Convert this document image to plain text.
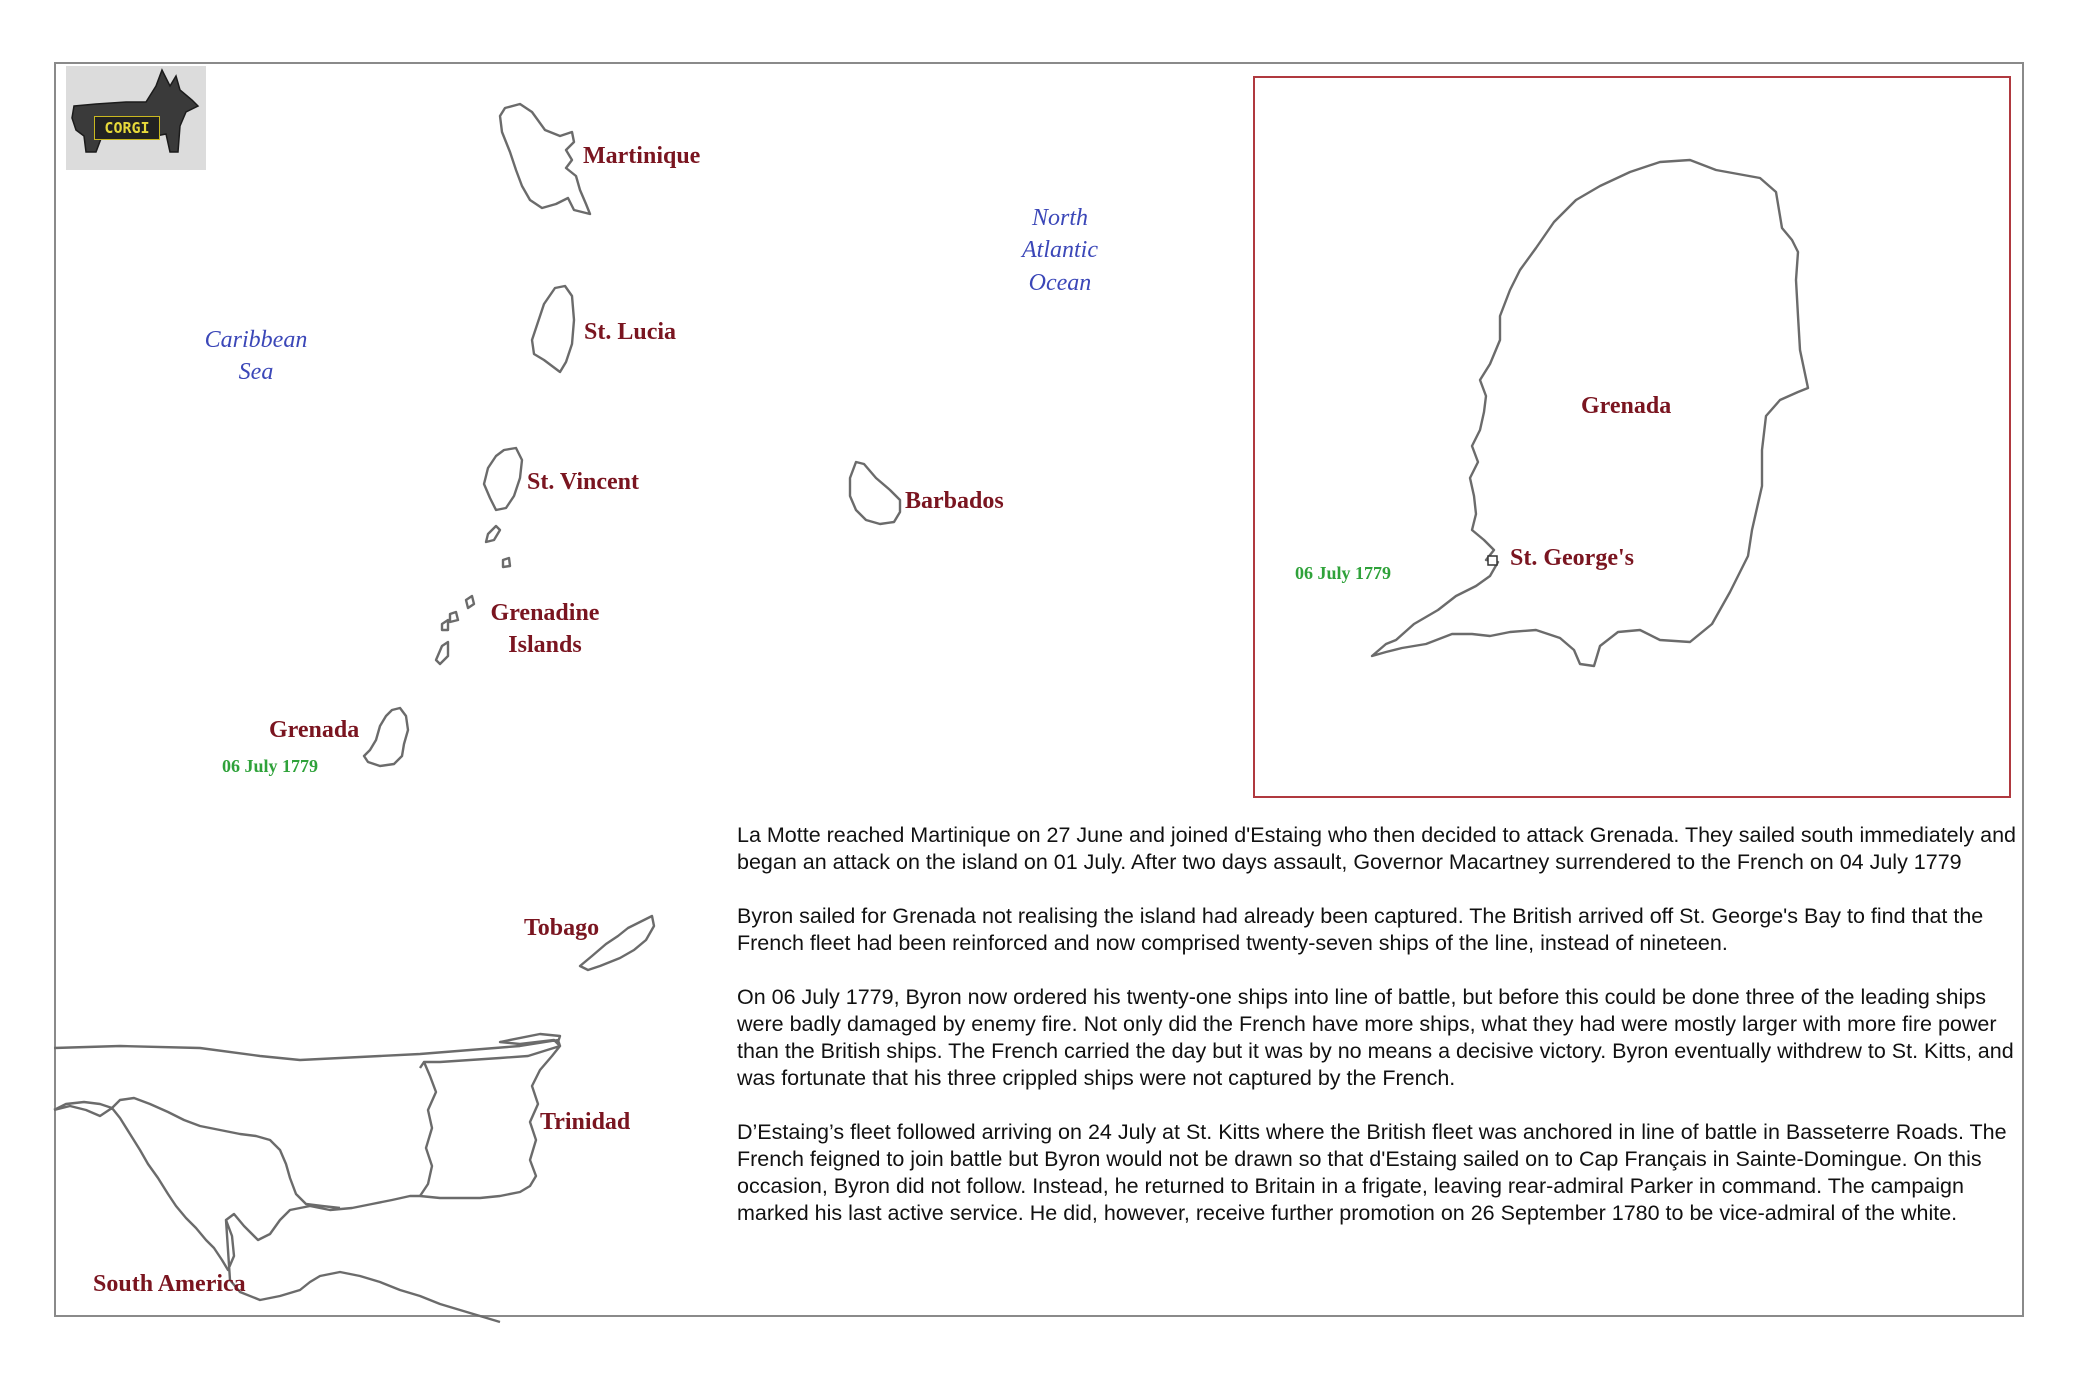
CORGI
Martinique
St. Lucia
St. Vincent
Barbados
Grenadine
Islands
Grenada
06 July 1779
Tobago
Trinidad
South America
Caribbean
Sea
North
Atlantic
Ocean
Grenada
St. George's
06 July 1779

La Motte reached Martinique on 27 June and joined d'Estaing who then decided to attack Grenada. They sailed south immediately and began an attack on the island on 01 July. After two days assault, Governor Macartney surrendered to the French on 04 July 1779

Byron sailed for Grenada not realising the island had already been captured. The British arrived off St. George's Bay to find that the French fleet had been reinforced and now comprised twenty-seven ships of the line, instead of nineteen.

On 06 July 1779, Byron now ordered his twenty-one ships into line of battle, but before this could be done three of the leading ships were badly damaged by enemy fire. Not only did the French have more ships, what they had were mostly larger with more fire power than the British ships. The French carried the day but it was by no means a decisive victory. Byron eventually withdrew to St. Kitts, and was fortunate that his three crippled ships were not captured by the French.

D’Estaing’s fleet followed arriving on 24 July at St. Kitts where the British fleet was anchored in line of battle in Basseterre Roads. The French feigned to join battle but Byron would not be drawn so that d'Estaing sailed on to Cap Français in Sainte-Domingue. On this occasion, Byron did not follow. Instead, he returned to Britain in a frigate, leaving rear-admiral Parker in command. The campaign marked his last active service. He did, however, receive further promotion on 26 September 1780 to be vice-admiral of the white.
